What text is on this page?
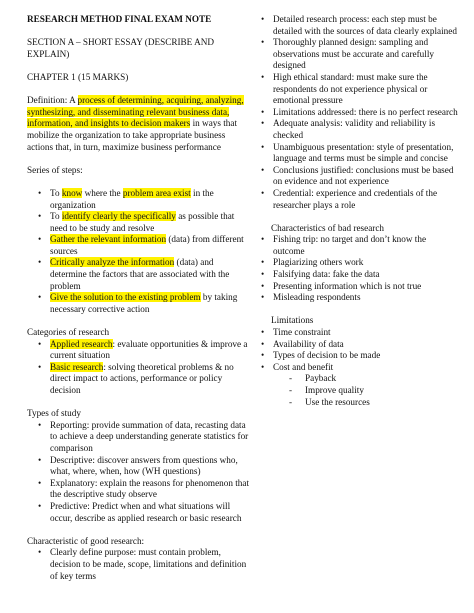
RESEARCH METHOD FINAL EXAM NOTE

SECTION A – SHORT ESSAY (DESCRIBE AND EXPLAIN)

CHAPTER 1 (15 MARKS)

Definition: A process of determining, acquiring, analyzing, synthesizing, and disseminating relevant business data, information, and insights to decision makers in ways that mobilize the organization to take appropriate business actions that, in turn, maximize business performance

Series of steps:

• To know where the problem area exist in the organization
• To identify clearly the specifically as possible that need to be study and resolve
• Gather the relevant information (data) from different sources
• Critically analyze the information (data) and determine the factors that are associated with the problem
• Give the solution to the existing problem by taking necessary corrective action

Categories of research

• Applied research: evaluate opportunities & improve a current situation
• Basic research: solving theoretical problems & no direct impact to actions, performance or policy decision

Types of study

• Reporting: provide summation of data, recasting data to achieve a deep understanding generate statistics for comparison
• Descriptive: discover answers from questions who, what, where, when, how (WH questions)
• Explanatory: explain the reasons for phenomenon that the descriptive study observe
• Predictive: Predict when and what situations will occur, describe as applied research or basic research

Characteristic of good research:

• Clearly define purpose: must contain problem, decision to be made, scope, limitations and definition of key terms
• Detailed research process: each step must be detailed with the sources of data clearly explained
• Thoroughly planned design: sampling and observations must be accurate and carefully designed
• High ethical standard: must make sure the respondents do not experience physical or emotional pressure
• Limitations addressed: there is no perfect research
• Adequate analysis: validity and reliability is checked
• Unambiguous presentation: style of presentation, language and terms must be simple and concise
• Conclusions justified: conclusions must be based on evidence and not experience
• Credential: experience and credentials of the researcher plays a role

Characteristics of bad research

• Fishing trip: no target and don’t know the outcome
• Plagiarizing others work
• Falsifying data: fake the data
• Presenting information which is not true
• Misleading respondents

Limitations

• Time constraint
• Availability of data
• Types of decision to be made
• Cost and benefit
- Payback
- Improve quality
- Use the resources
